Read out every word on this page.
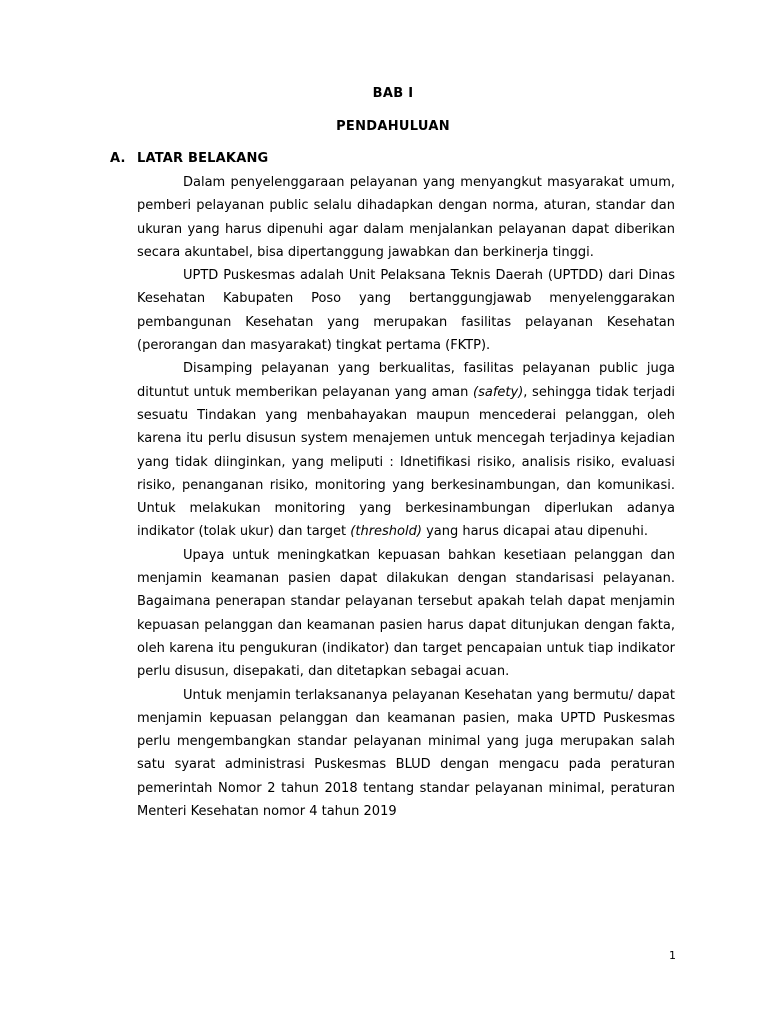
BAB I
PENDAHULUAN
A. LATAR BELAKANG

Dalam penyelenggaraan pelayanan yang menyangkut masyarakat umum, pemberi pelayanan public selalu dihadapkan dengan norma, aturan, standar dan ukuran yang harus dipenuhi agar dalam menjalankan pelayanan dapat diberikan secara akuntabel, bisa dipertanggung jawabkan dan berkinerja tinggi.

UPTD Puskesmas adalah Unit Pelaksana Teknis Daerah (UPTDD) dari Dinas Kesehatan Kabupaten Poso yang bertanggungjawab menyelenggarakan pembangunan Kesehatan yang merupakan fasilitas pelayanan Kesehatan (perorangan dan masyarakat) tingkat pertama (FKTP).

Disamping pelayanan yang berkualitas, fasilitas pelayanan public juga dituntut untuk memberikan pelayanan yang aman (safety), sehingga tidak terjadi sesuatu Tindakan yang menbahayakan maupun mencederai pelanggan, oleh karena itu perlu disusun system menajemen untuk mencegah terjadinya kejadian yang tidak diinginkan, yang meliputi : Idnetifikasi risiko, analisis risiko, evaluasi risiko, penanganan risiko, monitoring yang berkesinambungan, dan komunikasi. Untuk melakukan monitoring yang berkesinambungan diperlukan adanya indikator (tolak ukur) dan target (threshold) yang harus dicapai atau dipenuhi.

Upaya untuk meningkatkan kepuasan bahkan kesetiaan pelanggan dan menjamin keamanan pasien dapat dilakukan dengan standarisasi pelayanan. Bagaimana penerapan standar pelayanan tersebut apakah telah dapat menjamin kepuasan pelanggan dan keamanan pasien harus dapat ditunjukan dengan fakta, oleh karena itu pengukuran (indikator) dan target pencapaian untuk tiap indikator perlu disusun, disepakati, dan ditetapkan sebagai acuan.

Untuk menjamin terlaksananya pelayanan Kesehatan yang bermutu/ dapat menjamin kepuasan pelanggan dan keamanan pasien, maka UPTD Puskesmas perlu mengembangkan standar pelayanan minimal yang juga merupakan salah satu syarat administrasi Puskesmas BLUD dengan mengacu pada peraturan pemerintah Nomor 2 tahun 2018 tentang standar pelayanan minimal, peraturan Menteri Kesehatan nomor 4 tahun 2019

1
